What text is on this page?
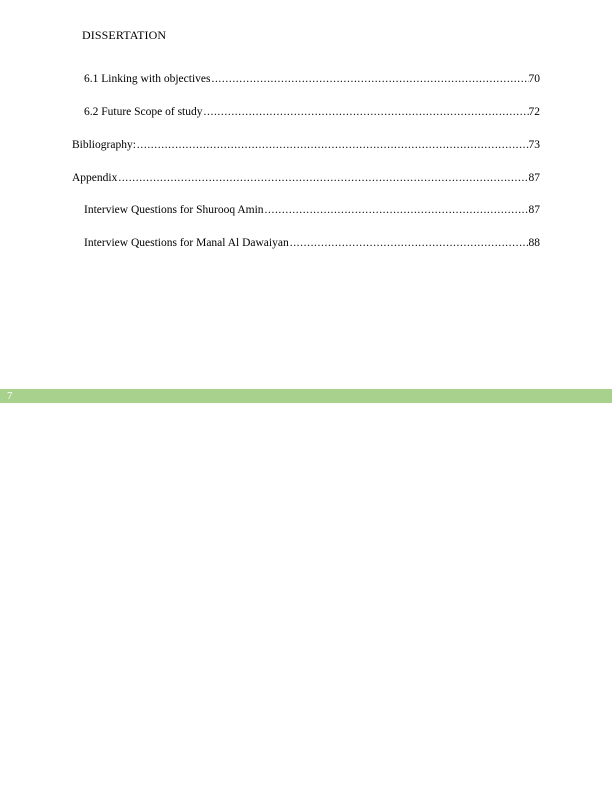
DISSERTATION
6.1 Linking with objectives .....	70
6.2 Future Scope of study .....	72
Bibliography: .....	73
Appendix .....	87
Interview Questions for Shurooq Amin .....	87
Interview Questions for Manal Al Dawaiyan .....	88
7
